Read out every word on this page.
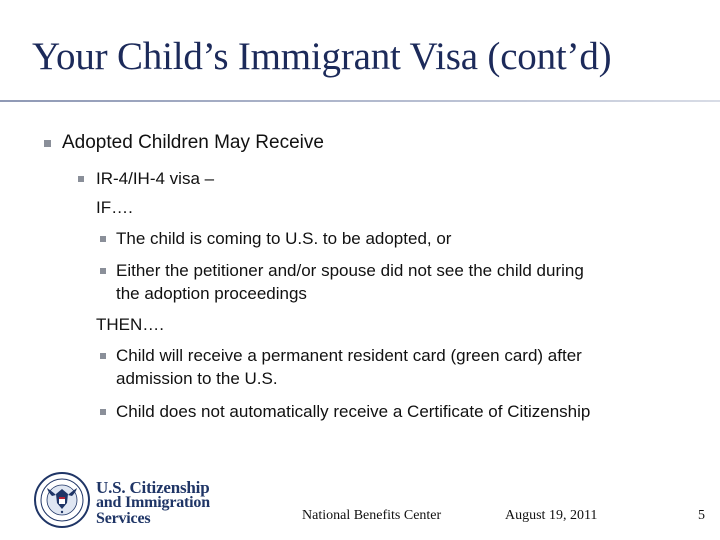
Your Child’s Immigrant Visa (cont’d)
Adopted Children May Receive
IR-4/IH-4 visa –
IF….
The child is coming to U.S. to be adopted, or
Either the petitioner and/or spouse did not see the child during
the adoption proceedings
THEN….
Child will receive a permanent resident card (green card) after
admission to the U.S.
Child does not automatically receive a Certificate of Citizenship
U.S. Citizenship
and Immigration
Services	National Benefits Center	August 19, 2011	5
